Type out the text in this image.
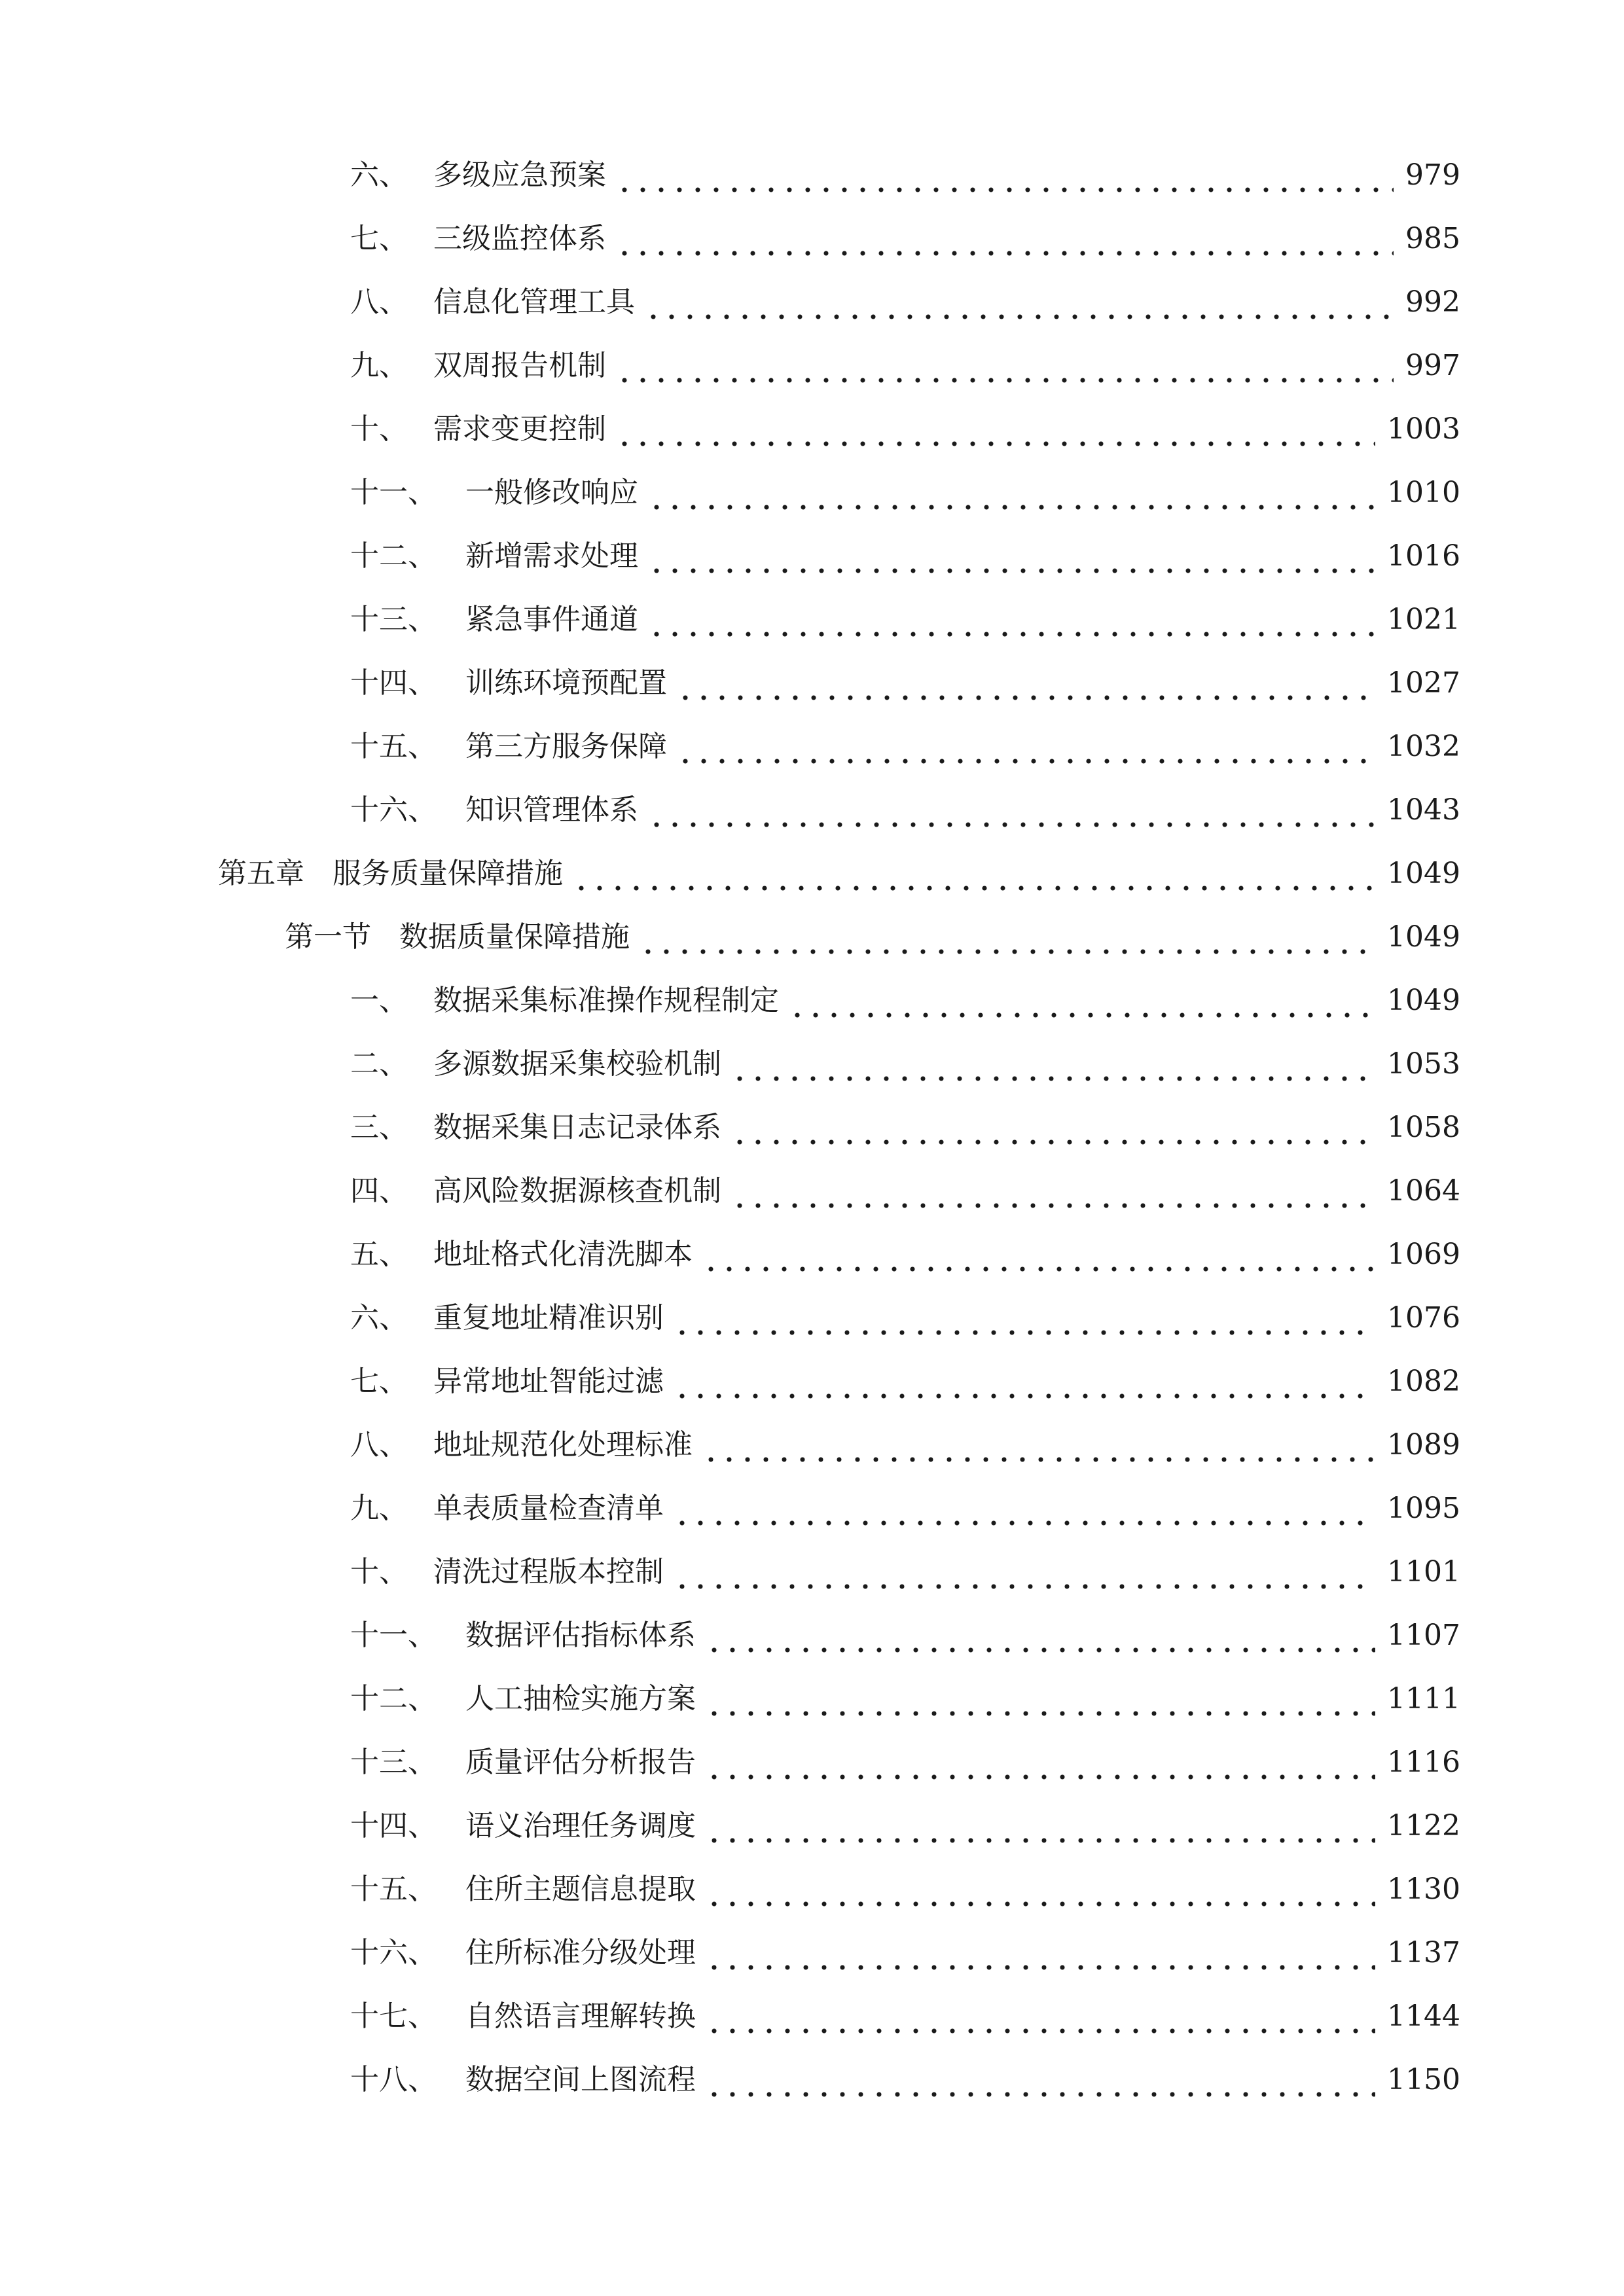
六、 多级应急预案	979
七、 三级监控体系	985
八、 信息化管理工具	992
九、 双周报告机制	997
十、 需求变更控制	1003
十一、	一般修改响应	1010
十二、	新增需求处理	1016
十三、	紧急事件通道	1021
十四、	训练环境预配置	1027
十五、	第三方服务保障	1032
十六、	知识管理体系	1043
第五章 服务质量保障措施	1049
第一节 数据质量保障措施	1049
一、 数据采集标准操作规程制定	1049
二、 多源数据采集校验机制	1053
三、 数据采集日志记录体系	1058
四、 高风险数据源核查机制	1064
五、 地址格式化清洗脚本	1069
六、 重复地址精准识别	1076
七、 异常地址智能过滤	1082
八、 地址规范化处理标准	1089
九、 单表质量检查清单	1095
十、 清洗过程版本控制	1101
十一、	数据评估指标体系	1107
十二、	人工抽检实施方案	1111
十三、	质量评估分析报告	1116
十四、	语义治理任务调度	1122
十五、	住所主题信息提取	1130
十六、	住所标准分级处理	1137
十七、	自然语言理解转换	1144
十八、	数据空间上图流程	1150
